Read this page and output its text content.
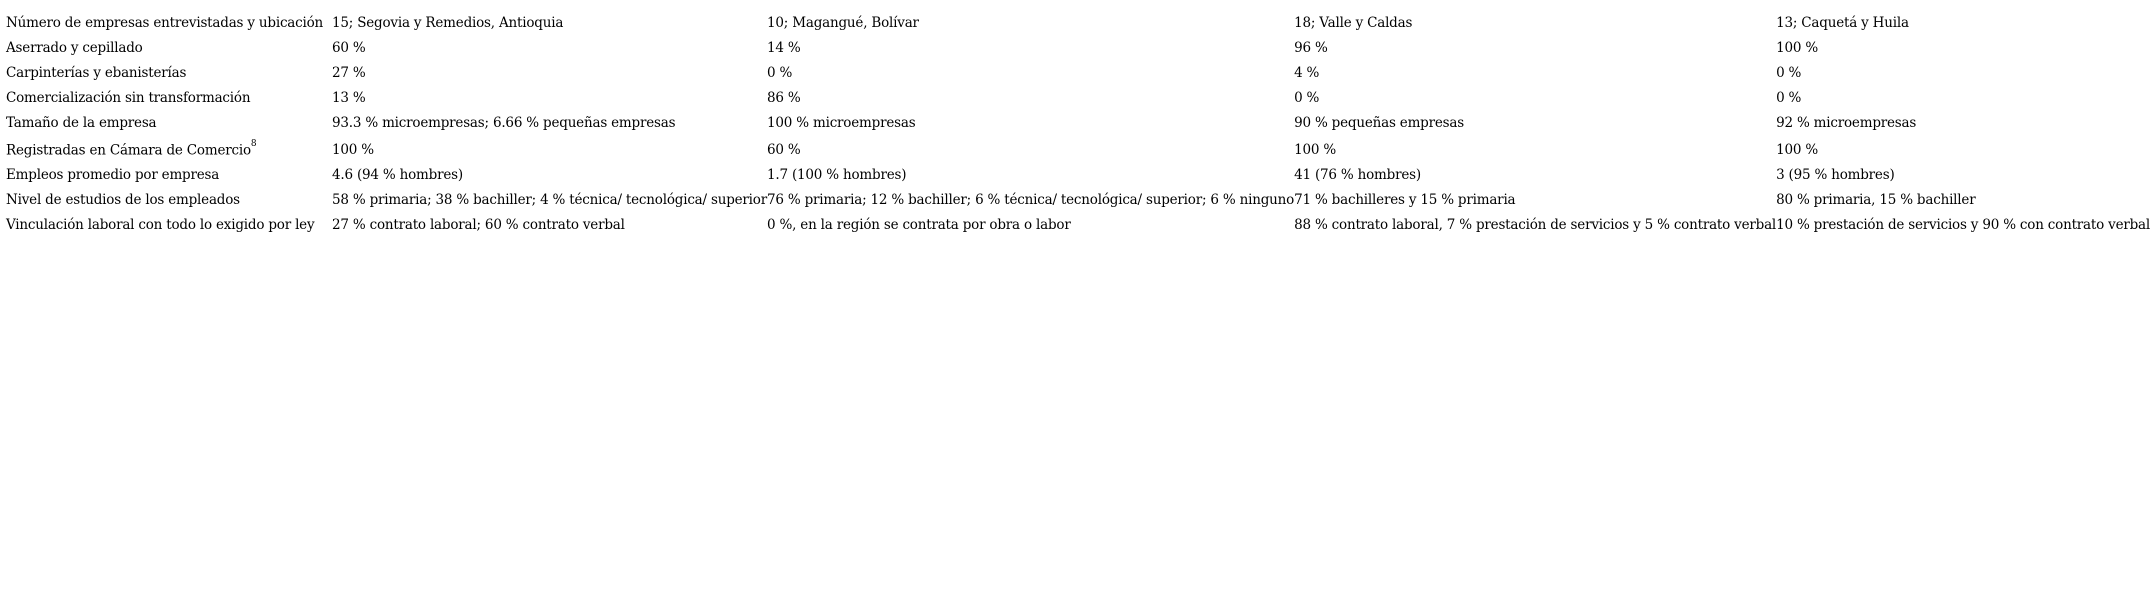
Número de empresas entrevistadas y ubicación	15; Segovia y Remedios, Antioquia	10; Magangué, Bolívar	18; Valle y Caldas	13; Caquetá y Huila
Aserrado y cepillado	60 %	14 %	96 %	100 %
Carpinterías y ebanisterías	27 %	0 %	4 %	0 %
Comercialización sin transformación	13 %	86 %	0 %	0 %
Tamaño de la empresa	93.3 % microempresas; 6.66 % pequeñas empresas	100 % microempresas	90 % pequeñas empresas	92 % microempresas
Registradas en Cámara de Comercio$^8$	100 %	60 %	100 %	100 %
Empleos promedio por empresa	4.6 (94 % hombres)	1.7 (100 % hombres)	41 (76 % hombres)	3 (95 % hombres)
Nivel de estudios de los empleados	58 % primaria; 38 % bachiller; 4 % técnica/ tecnológica/ superior	76 % primaria; 12 % bachiller; 6 % técnica/ tecnológica/ superior; 6 % ninguno	71 % bachilleres y 15 % primaria	80 % primaria, 15 % bachiller
Vinculación laboral con todo lo exigido por ley	27 % contrato laboral; 60 % contrato verbal	0 %, en la región se contrata por obra o labor	88 % contrato laboral, 7 % prestación de servicios y 5 % contrato verbal	10 % prestación de servicios y 90 % con contrato verbal
